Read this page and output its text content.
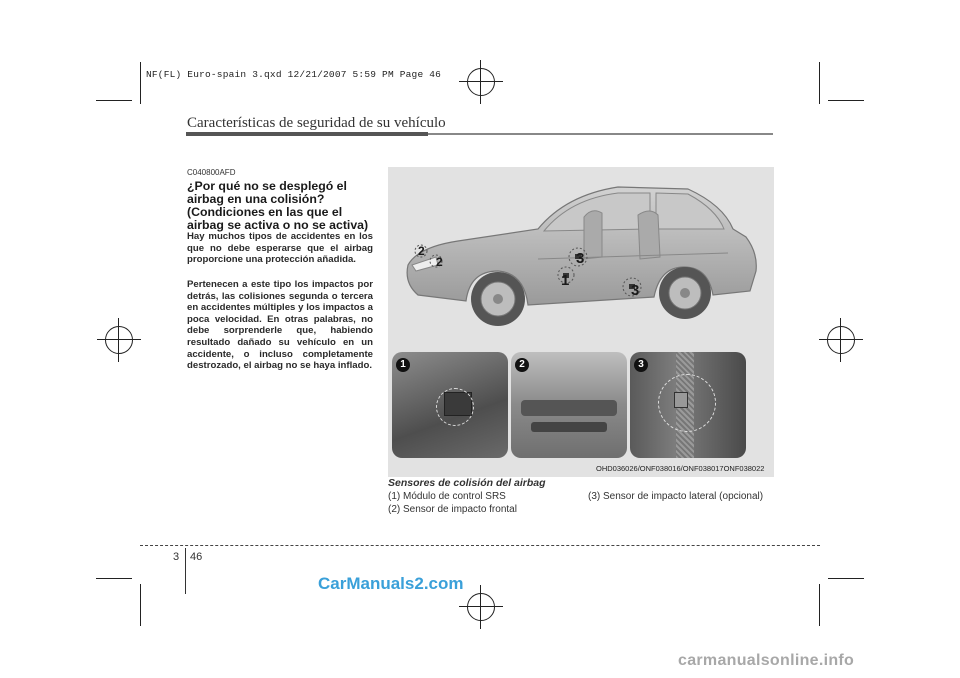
NF(FL) Euro-spain 3.qxd 12/21/2007 5:59 PM Page 46
Características de seguridad de su vehículo
C040800AFD
¿Por qué no se desplegó el airbag en una colisión? (Condiciones en las que el airbag se activa o no se activa)
Hay muchos tipos de accidentes en los que no debe esperarse que el airbag proporcione una protección añadida.
Pertenecen a este tipo los impactos por detrás, las colisiones segunda o tercera en accidentes múltiples y los impactos a poca velocidad. En otras palabras, no debe sorprenderle que, habiendo resultado dañado su vehículo en un accidente, o incluso completamente destrozado, el airbag no se haya inflado.
1
2
2	3
3
1	2	3
OHD036026/ONF038016/ONF038017ONF038022
Sensores de colisión del airbag
(1) Módulo de control SRS
(2) Sensor de impacto frontal
(3) Sensor de impacto lateral (opcional)
3 46
CarManuals2.com
carmanualsonline.info
